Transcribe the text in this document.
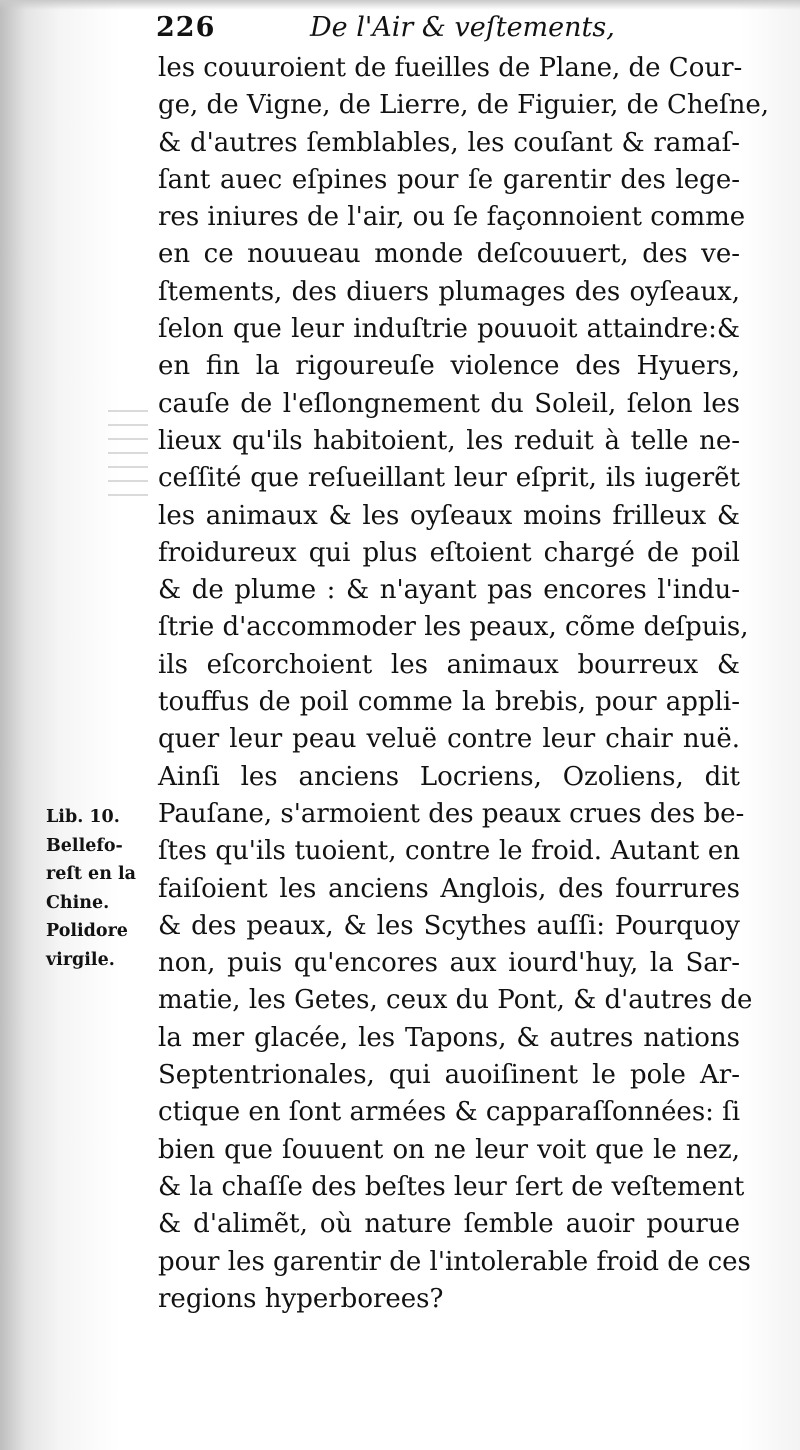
226	De l'Air & veſtements,
les couuroient de fueilles de Plane, de Cour-
ge, de Vigne, de Lierre, de Figuier, de Cheſne,
& d'autres ſemblables, les couſant & ramaſ-
ſant auec eſpines pour ſe garentir des lege-
res iniures de l'air, ou ſe façonnoient comme
en ce nouueau monde deſcouuert, des ve-
ſtements, des diuers plumages des oyſeaux,
ſelon que leur induſtrie pouuoit attaindre:&
en fin la rigoureuſe violence des Hyuers,
cauſe de l'eſlongnement du Soleil, ſelon les
lieux qu'ils habitoient, les reduit à telle ne-
ceſſité que reſueillant leur eſprit, ils iugerẽt
les animaux & les oyſeaux moins frilleux &
froidureux qui plus eſtoient chargé de poil
& de plume : & n'ayant pas encores l'indu-
ſtrie d'accommoder les peaux, cõme deſpuis,
ils eſcorchoient les animaux bourreux &
touffus de poil comme la brebis, pour appli-
quer leur peau veluë contre leur chair nuë.
Ainſi les anciens Locriens, Ozoliens, dit
Pauſane, s'armoient des peaux crues des be-
ſtes qu'ils tuoient, contre le froid. Autant en
faiſoient les anciens Anglois, des fourrures
& des peaux, & les Scythes auſſi: Pourquoy
non, puis qu'encores aux iourd'huy, la Sar-
matie, les Getes, ceux du Pont, & d'autres de
la mer glacée, les Tapons, & autres nations
Septentrionales, qui auoiſinent le pole Ar-
ctique en ſont armées & capparaſſonnées: ſi
bien que ſouuent on ne leur voit que le nez,
& la chaſſe des beſtes leur ſert de veſtement
& d'alimẽt, où nature ſemble auoir pourue
pour les garentir de l'intolerable froid de ces
regions hyperborees?
Lib. 10.
Bellefo-
reſt en la
Chine.
Polidore
virgile.
